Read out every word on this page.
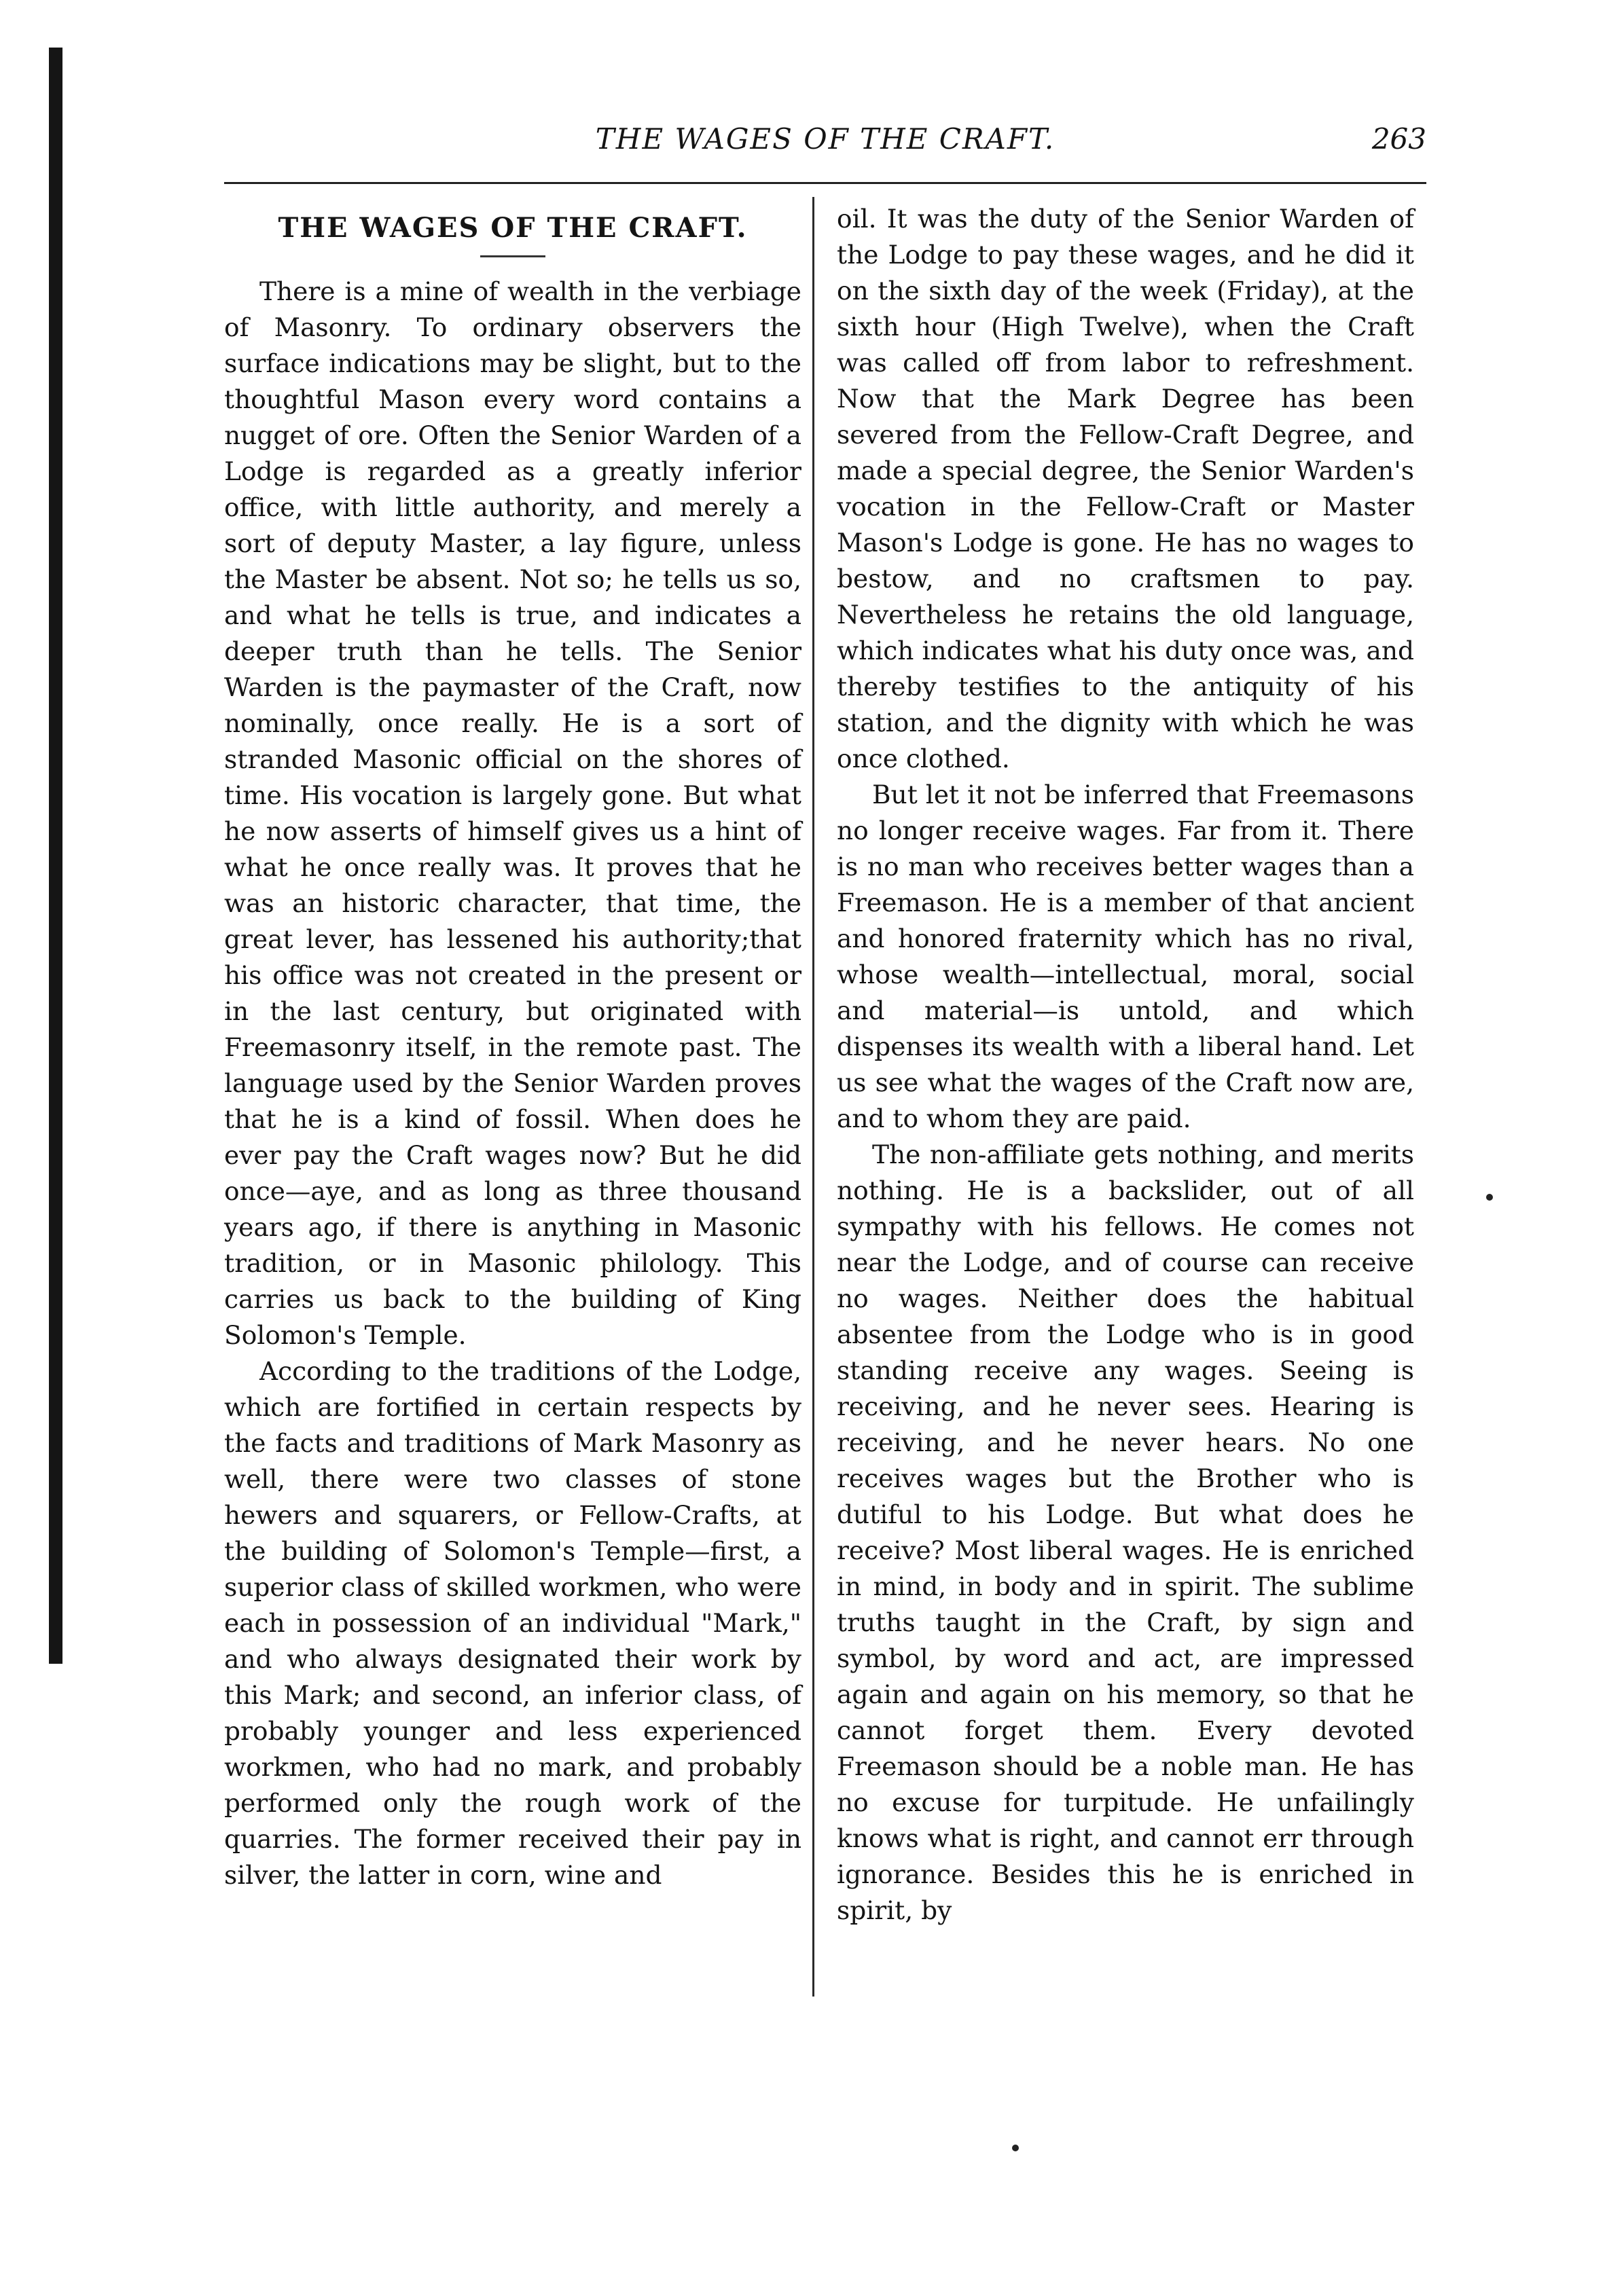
THE WAGES OF THE CRAFT.	263
THE WAGES OF THE CRAFT.

There is a mine of wealth in the verbiage of Masonry. To ordinary observers the surface indications may be slight, but to the thoughtful Mason every word contains a nugget of ore. Often the Senior Warden of a Lodge is regarded as a greatly inferior office, with little authority, and merely a sort of deputy Master, a lay figure, unless the Master be absent. Not so; he tells us so, and what he tells is true, and indicates a deeper truth than he tells. The Senior Warden is the paymaster of the Craft, now nominally, once really. He is a sort of stranded Masonic official on the shores of time. His vocation is largely gone. But what he now asserts of himself gives us a hint of what he once really was. It proves that he was an historic character, that time, the great lever, has lessened his authority;that his office was not created in the present or in the last century, but originated with Freemasonry itself, in the remote past. The language used by the Senior Warden proves that he is a kind of fossil. When does he ever pay the Craft wages now? But he did once—aye, and as long as three thousand years ago, if there is anything in Masonic tradition, or in Masonic philology. This carries us back to the building of King Solomon's Temple.

According to the traditions of the Lodge, which are fortified in certain respects by the facts and traditions of Mark Masonry as well, there were two classes of stone hewers and squarers, or Fellow-Crafts, at the building of Solomon's Temple—first, a superior class of skilled workmen, who were each in possession of an individual "Mark," and who always designated their work by this Mark; and second, an inferior class, of probably younger and less experienced workmen, who had no mark, and probably performed only the rough work of the quarries. The former received their pay in silver, the latter in corn, wine and

oil. It was the duty of the Senior Warden of the Lodge to pay these wages, and he did it on the sixth day of the week (Friday), at the sixth hour (High Twelve), when the Craft was called off from labor to refreshment. Now that the Mark Degree has been severed from the Fellow-Craft Degree, and made a special degree, the Senior Warden's vocation in the Fellow-Craft or Master Mason's Lodge is gone. He has no wages to bestow, and no craftsmen to pay. Nevertheless he retains the old language, which indicates what his duty once was, and thereby testifies to the antiquity of his station, and the dignity with which he was once clothed.

But let it not be inferred that Freemasons no longer receive wages. Far from it. There is no man who receives better wages than a Freemason. He is a member of that ancient and honored fraternity which has no rival, whose wealth—intellectual, moral, social and material—is untold, and which dispenses its wealth with a liberal hand. Let us see what the wages of the Craft now are, and to whom they are paid.

The non-affiliate gets nothing, and merits nothing. He is a backslider, out of all sympathy with his fellows. He comes not near the Lodge, and of course can receive no wages. Neither does the habitual absentee from the Lodge who is in good standing receive any wages. Seeing is receiving, and he never sees. Hearing is receiving, and he never hears. No one receives wages but the Brother who is dutiful to his Lodge. But what does he receive? Most liberal wages. He is enriched in mind, in body and in spirit. The sublime truths taught in the Craft, by sign and symbol, by word and act, are impressed again and again on his memory, so that he cannot forget them. Every devoted Freemason should be a noble man. He has no excuse for turpitude. He unfailingly knows what is right, and cannot err through ignorance. Besides this he is enriched in spirit, by
